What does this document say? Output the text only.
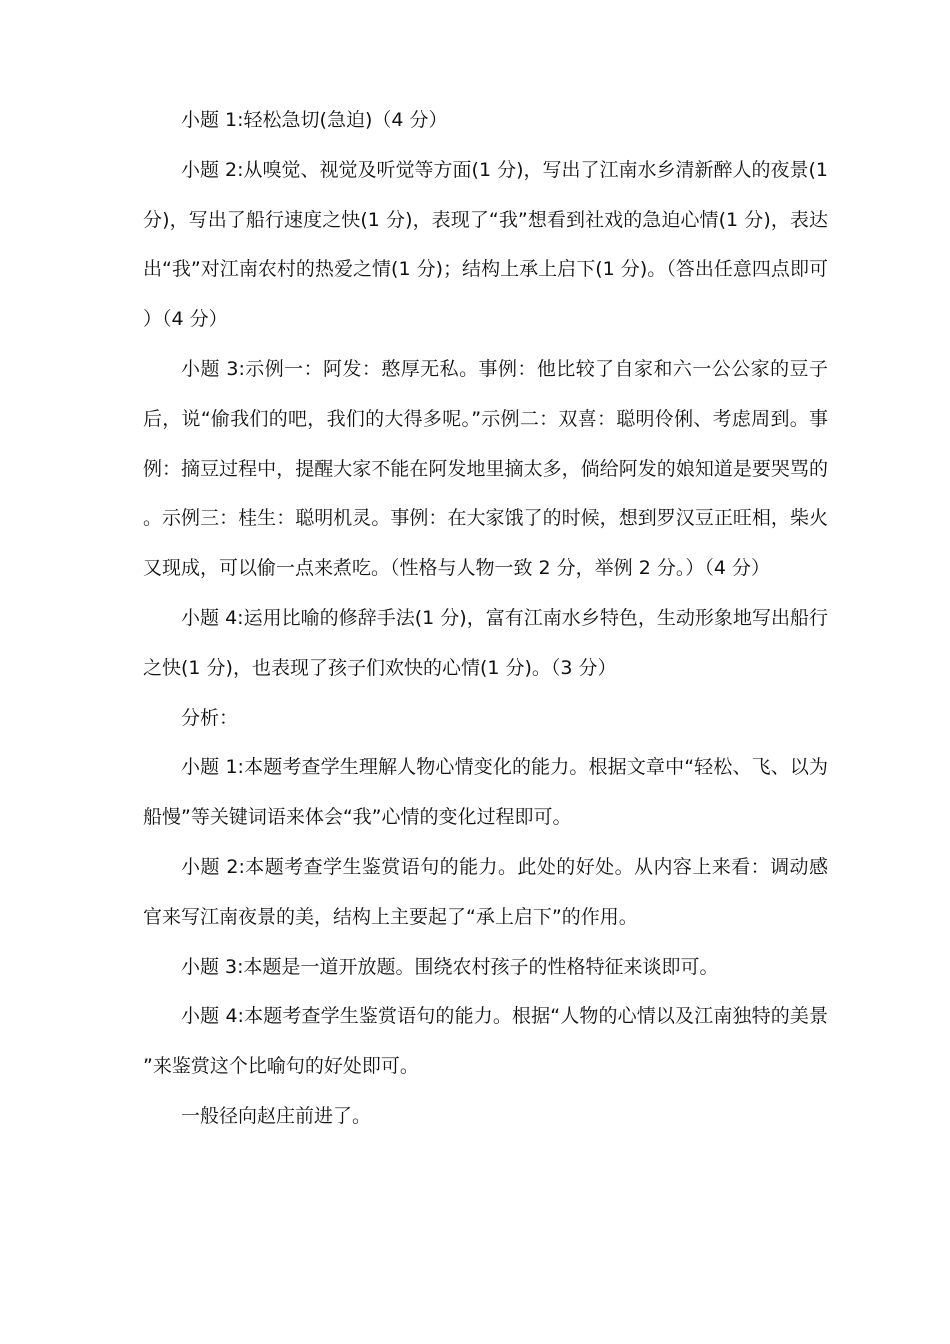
小题 1:轻松急切(急迫)（4 分）

小题 2:从嗅觉、视觉及听觉等方面(1 分)，写出了江南水乡清新醉人的夜景(1 分)，写出了船行速度之快(1 分)，表现了“我”想看到社戏的急迫心情(1 分)，表达出“我”对江南农村的热爱之情(1 分)；结构上承上启下(1 分)。（答出任意四点即可）（4 分）

小题 3:示例一：阿发：憨厚无私。事例：他比较了自家和六一公公家的豆子后，说“偷我们的吧，我们的大得多呢。”示例二：双喜：聪明伶俐、考虑周到。事例：摘豆过程中，提醒大家不能在阿发地里摘太多，倘给阿发的娘知道是要哭骂的。示例三：桂生：聪明机灵。事例：在大家饿了的时候，想到罗汉豆正旺相，柴火又现成，可以偷一点来煮吃。（性格与人物一致 2 分，举例 2 分。）（4 分）

小题 4:运用比喻的修辞手法(1 分)，富有江南水乡特色，生动形象地写出船行之快(1 分)，也表现了孩子们欢快的心情(1 分)。（3 分）

分析：

小题 1:本题考查学生理解人物心情变化的能力。根据文章中“轻松、飞、以为船慢”等关键词语来体会“我”心情的变化过程即可。

小题 2:本题考查学生鉴赏语句的能力。此处的好处。从内容上来看：调动感官来写江南夜景的美，结构上主要起了“承上启下”的作用。

小题 3:本题是一道开放题。围绕农村孩子的性格特征来谈即可。

小题 4:本题考查学生鉴赏语句的能力。根据“人物的心情以及江南独特的美景”来鉴赏这个比喻句的好处即可。

一般径向赵庄前进了。
